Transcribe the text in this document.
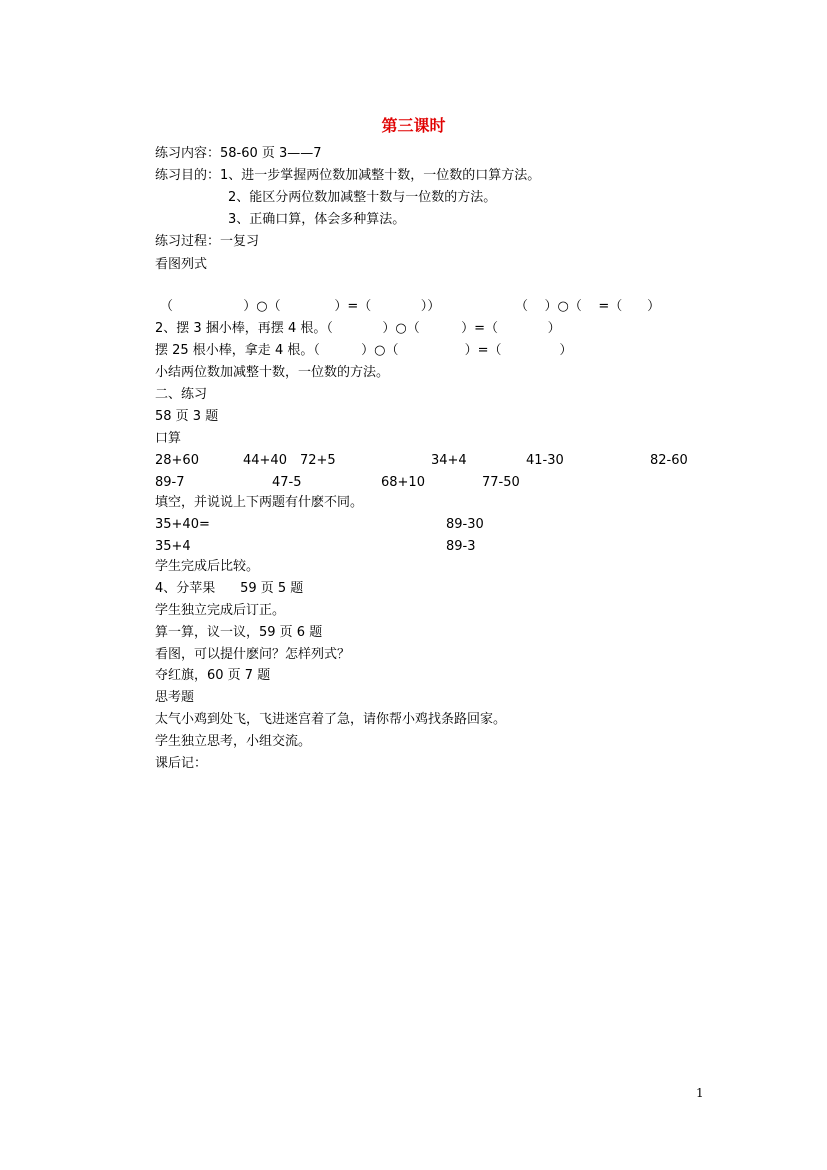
第三课时
练习内容：58-60 页 3——7
练习目的：1、进一步掌握两位数加减整十数，一位数的口算方法。
2、能区分两位数加减整十数与一位数的方法。
3、正确口算，体会多种算法。
练习过程：一复习
看图列式
（                 ）○（             ）=（            ））	（    ）○（    =（      ）
2、摆 3 捆小棒，再摆 4 根。（            ）○（          ）=（            ）
摆 25 根小棒，拿走 4 根。（          ）○（                ）=（              ）
小结两位数加减整十数，一位数的方法。
二、练习
58 页 3 题
口算
28+60	44+40 72+5	34+4	41-30	82-60
89-7	47-5	68+10	77-50
填空，并说说上下两题有什麽不同。
35+40=	89-30
35+4	89-3
学生完成后比较。
4、分苹果      59 页 5 题
学生独立完成后订正。
算一算，议一议，59 页 6 题
看图，可以提什麽问？怎样列式？
夺红旗，60 页 7 题
思考题
太气小鸡到处飞，飞进迷宫着了急，请你帮小鸡找条路回家。
学生独立思考，小组交流。
课后记：
1
